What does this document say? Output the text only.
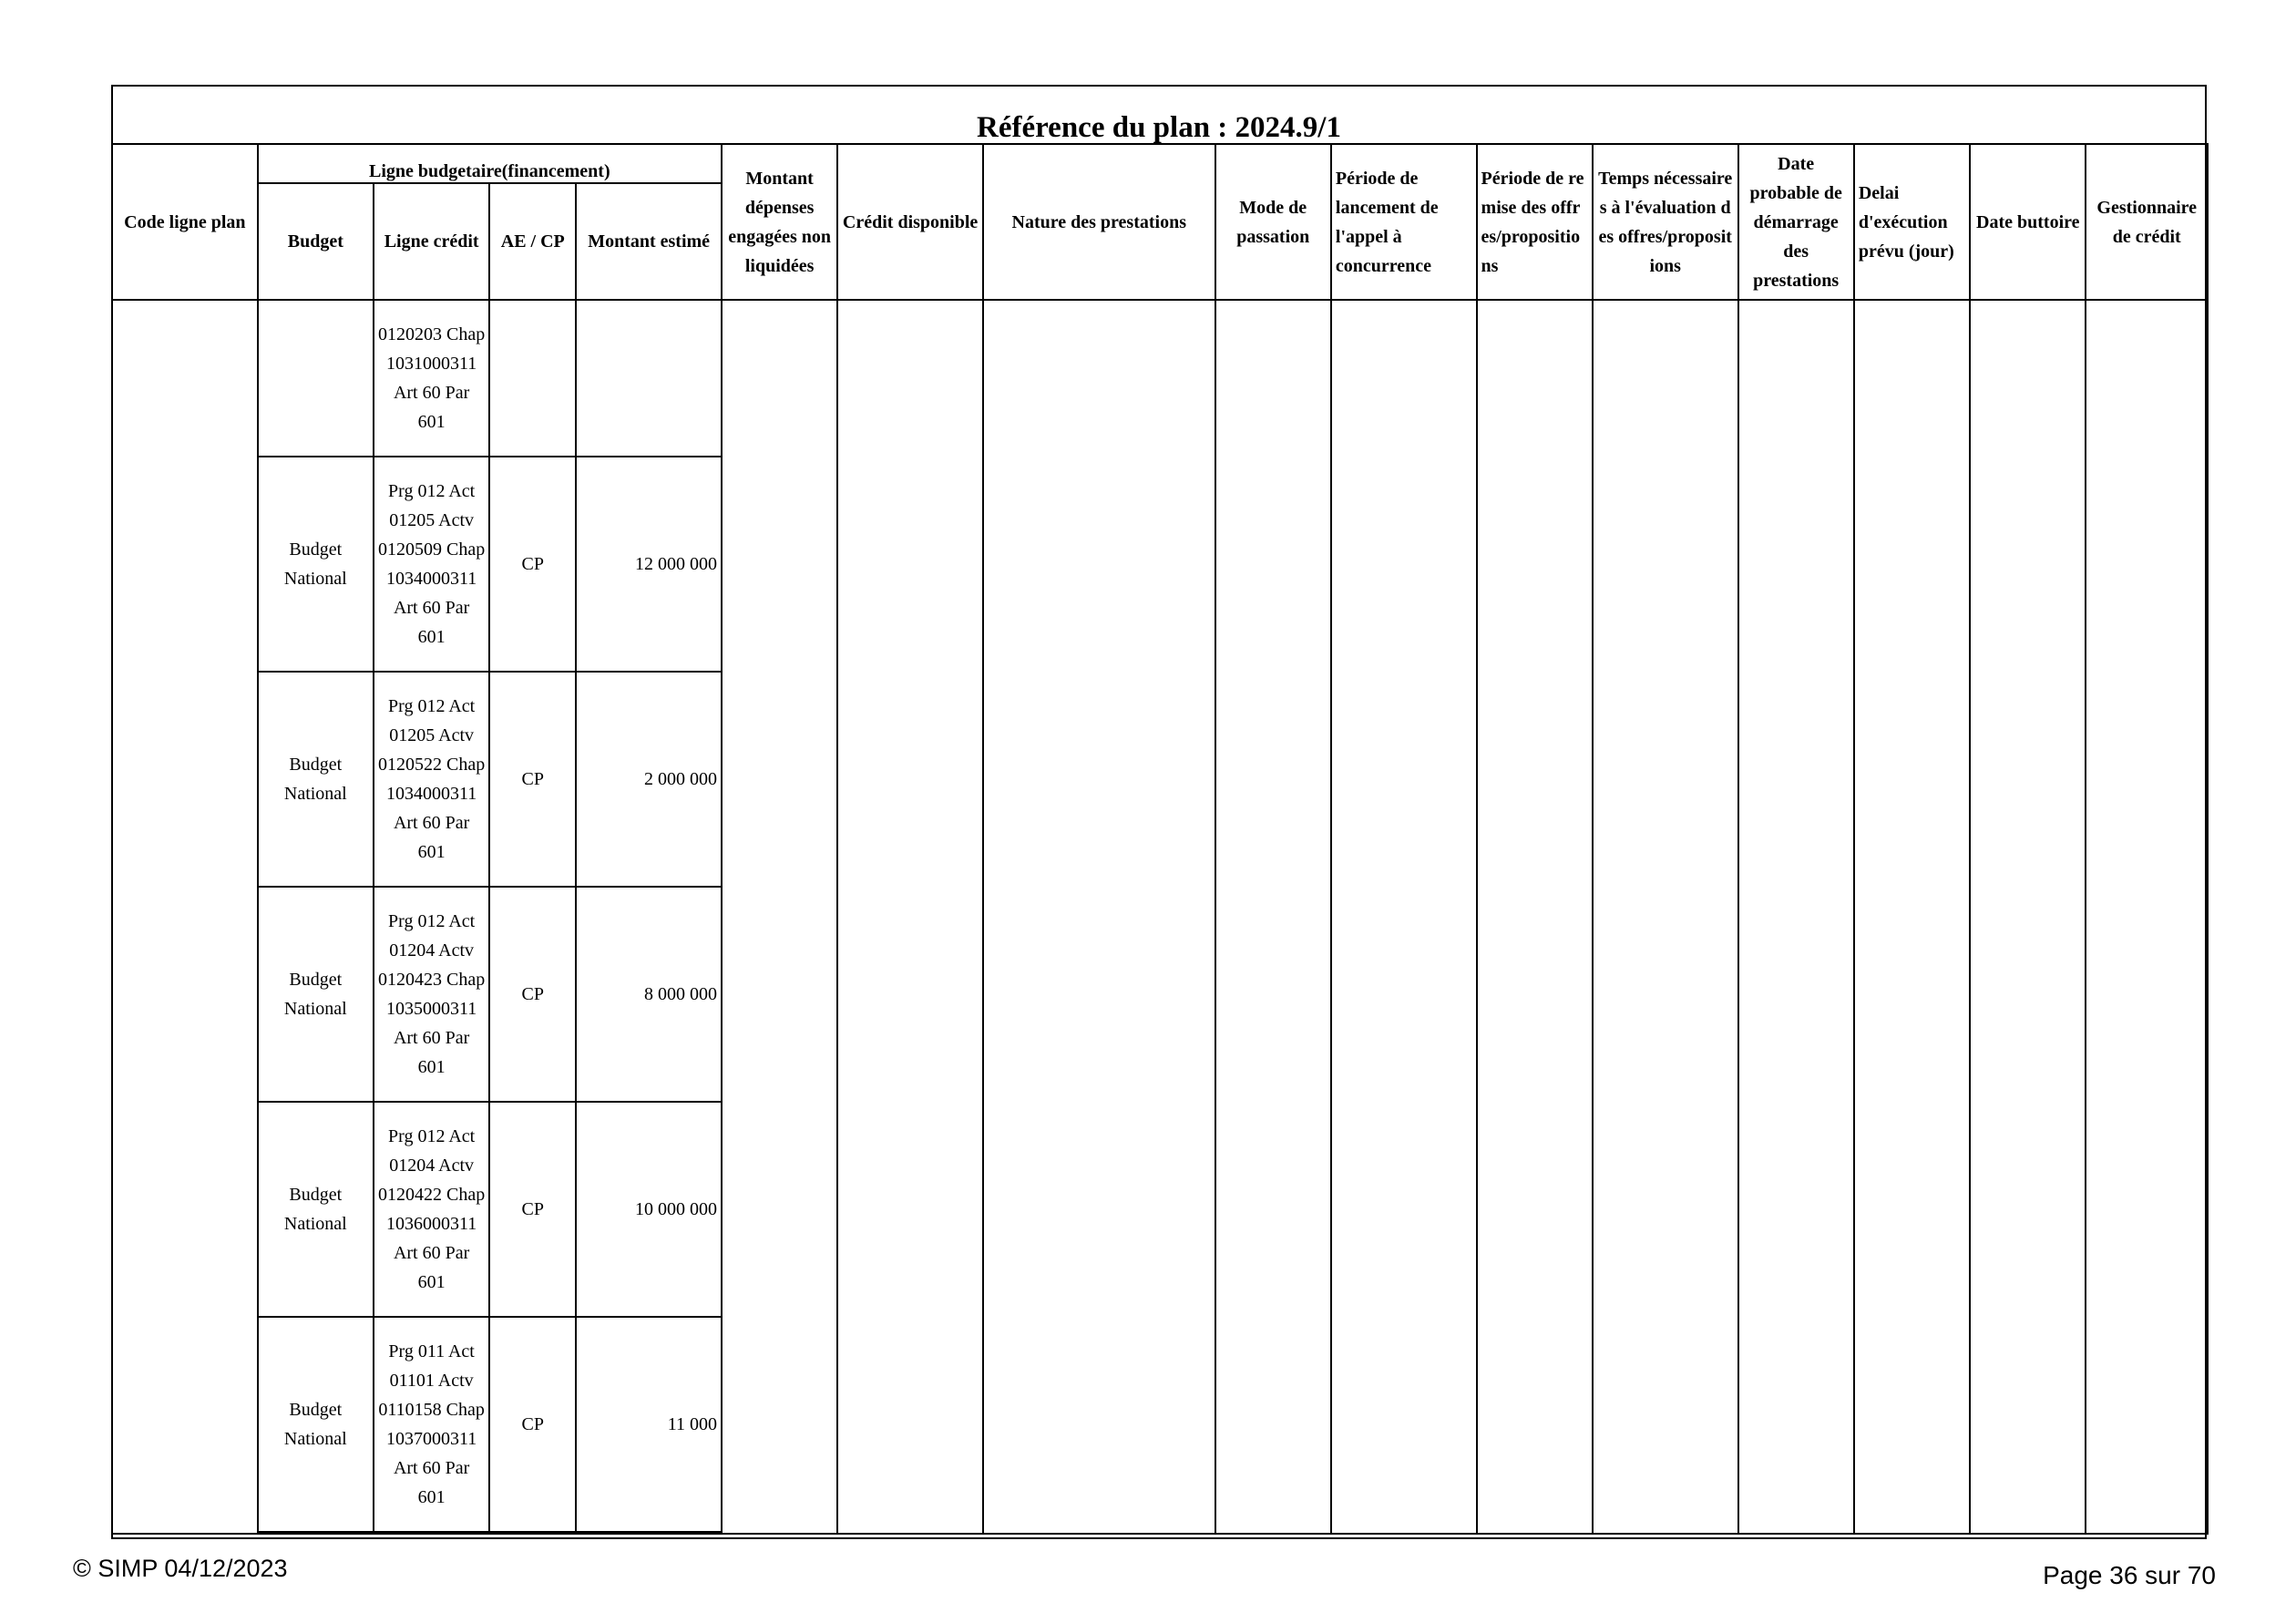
Référence du plan : 2024.9/1
Code ligne plan	Ligne budgetaire(financement)				Montant dépenses engagées non liquidées	Crédit disponible	Nature des prestations	Mode de passation	Période de lancement de l'appel à concurrence	Période de remise des offres/propositions	Temps nécessaires à l'évaluation des offres/propositions	Date probable de démarrage des prestations	Delai d'exécution prévu (jour)	Date buttoire	Gestionnaire de crédit
	Budget	Ligne crédit	AE / CP	Montant estimé											
		0120203 Chap 1031000311 Art 60 Par 601													
	Budget National	Prg 012 Act 01205 Actv 0120509 Chap 1034000311 Art 60 Par 601	CP	12 000 000											
	Budget National	Prg 012 Act 01205 Actv 0120522 Chap 1034000311 Art 60 Par 601	CP	2 000 000											
	Budget National	Prg 012 Act 01204 Actv 0120423 Chap 1035000311 Art 60 Par 601	CP	8 000 000											
	Budget National	Prg 012 Act 01204 Actv 0120422 Chap 1036000311 Art 60 Par 601	CP	10 000 000											
	Budget National	Prg 011 Act 01101 Actv 0110158 Chap 1037000311 Art 60 Par 601	CP	11 000											

© SIMP 04/12/2023	Page 36 sur 70
